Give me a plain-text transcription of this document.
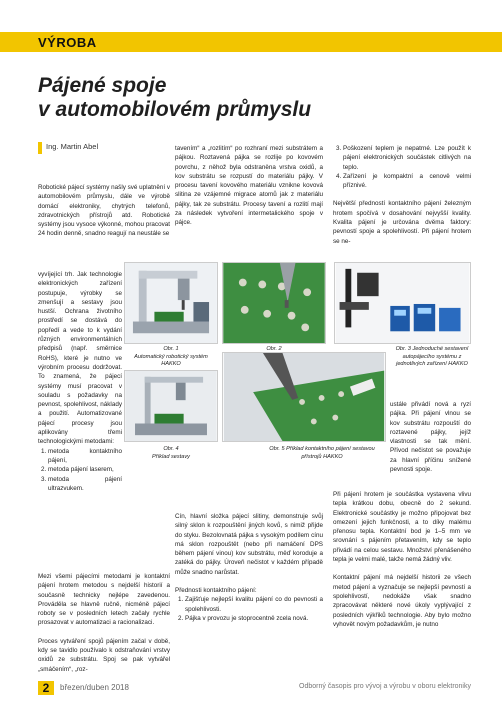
VÝROBA
Pájené spoje
v automobilovém průmyslu
Ing. Martin Abel

Robotické pájecí systémy našly své uplatnění v automobilovém průmyslu, dále ve výrobě domácí elektroniky, chytrých telefonů, zdravotnických přístrojů atd. Robotické systémy jsou vysoce výkonné, mohou pracovat 24 hodin denně, snadno reagují na neustále se

vyvíjející trh. Jak technologie elektronických zařízení postupuje, výrobky se zmenšují a sestavy jsou hustší. Ochrana životního prostředí se dostává do popředí a vede to k vydání různých environmentálních předpisů (např. směrnice RoHS), které je nutno ve výrobním procesu dodržovat. To znamená, že pájecí systémy musí pracovat v souladu s požadavky na pevnost, spolehlivost, náklady a použití. Automatizované pájecí procesy jsou aplikovány třemi technologickými metodami:

1. metoda kontaktního pájení,
2. metoda pájení laserem,
3. metoda pájení ultrazvukem.

Mezi všemi pájecími metodami je kontaktní pájení hrotem metodou s nejdelší historií a současně technicky nejlépe zavedenou. Prováděla se hlavně ručně, nicméně pájecí roboty se v posledních letech začaly rychle prosazovat v automatizaci a racionalizaci.

Proces vytváření spojů pájením začal v době, kdy se tavidlo používalo k odstraňování vrstvy oxidů ze substrátu. Spoj se pak vytvářel „smáčením“, „roz-

tavením“ a „rozlitím“ po rozhraní mezi substrátem a pájkou. Roztavená pájka se rozlije po kovovém povrchu, z něhož byla odstraněna vrstva oxidů, a kov substrátu se rozpustí do materiálu pájky. V procesu tavení kovového materiálu vznikne kovová slitina ze vzájemné migrace atomů jak z materiálu pájky, tak ze substrátu. Procesy tavení a rozlití mají za následek vytvoření intermetalického spoje v pájce.

Cín, hlavní složka pájecí slitiny, demonstruje svůj silný sklon k rozpouštění jiných kovů, s nimiž přijde do styku. Bezolovnatá pájka s vysokým podílem cínu má sklon rozpouštět (nebo při namáčení DPS během pájení vinou) kov substrátu, měď koroduje a zatéká do pájky. Úroveň nečistot v každém případě může snadno narůstat.

Přednosti kontaktního pájení:

1. Zajišťuje nejlepší kvalitu pájení co do pevnosti a spolehlivosti.
2. Pájka v provozu je stoprocentně zcela nová.
3. Poškození teplem je nepatrné. Lze použít k pájení elektronických součástek citlivých na teplo.
4. Zařízení je kompaktní a cenově velmi příznivé.

Největší předností kontaktního pájení železným hrotem spočívá v dosahování nejvyšší kvality. Kvalita pájení je určována dvěma faktory: pevností spoje a spolehlivostí. Při pájení hrotem se ne-

ustále přivádí nová a ryzí pájka. Při pájení vlnou se kov substrátu rozpouští do roztavené pájky, jejíž vlastnosti se tak mění. Přívod nečistot se považuje za hlavní příčinu snížené pevnosti spoje.

Při pájení hrotem je součástka vystavena vlivu tepla krátkou dobu, obecně do 2 sekund. Elektronické součástky je možno připojovat bez omezení jejich funkčnosti, a to díky malému přenosu tepla. Kontaktní bod je 1–5 mm ve srovnání s pájením přetavením, kdy se teplo přivádí na celou sestavu. Množství přenášeného tepla je velmi malé, takže nemá žádný vliv.

Kontaktní pájení má nejdelší historii ze všech metod pájení a vyznačuje se nejlepší pevností a spolehlivostí, nedokáže však snadno zpracovávat některé nové úkoly vyplývající z posledních výkřiků technologie. Aby bylo možno vyhovět novým požadavkům, je nutno

Obr. 1
Automatický robotický systém HAKKO
Obr. 2	Obr. 3 Jednoduché sestavení autopájecího systému z jednotlivých zařízení HAKKO
Obr. 4
Příklad sestavy
Obr. 5 Příklad kontaktního pájení sestavou přístrojů HAKKO
2	březen/duben 2018	Odborný časopis pro vývoj a výrobu v oboru elektroniky
